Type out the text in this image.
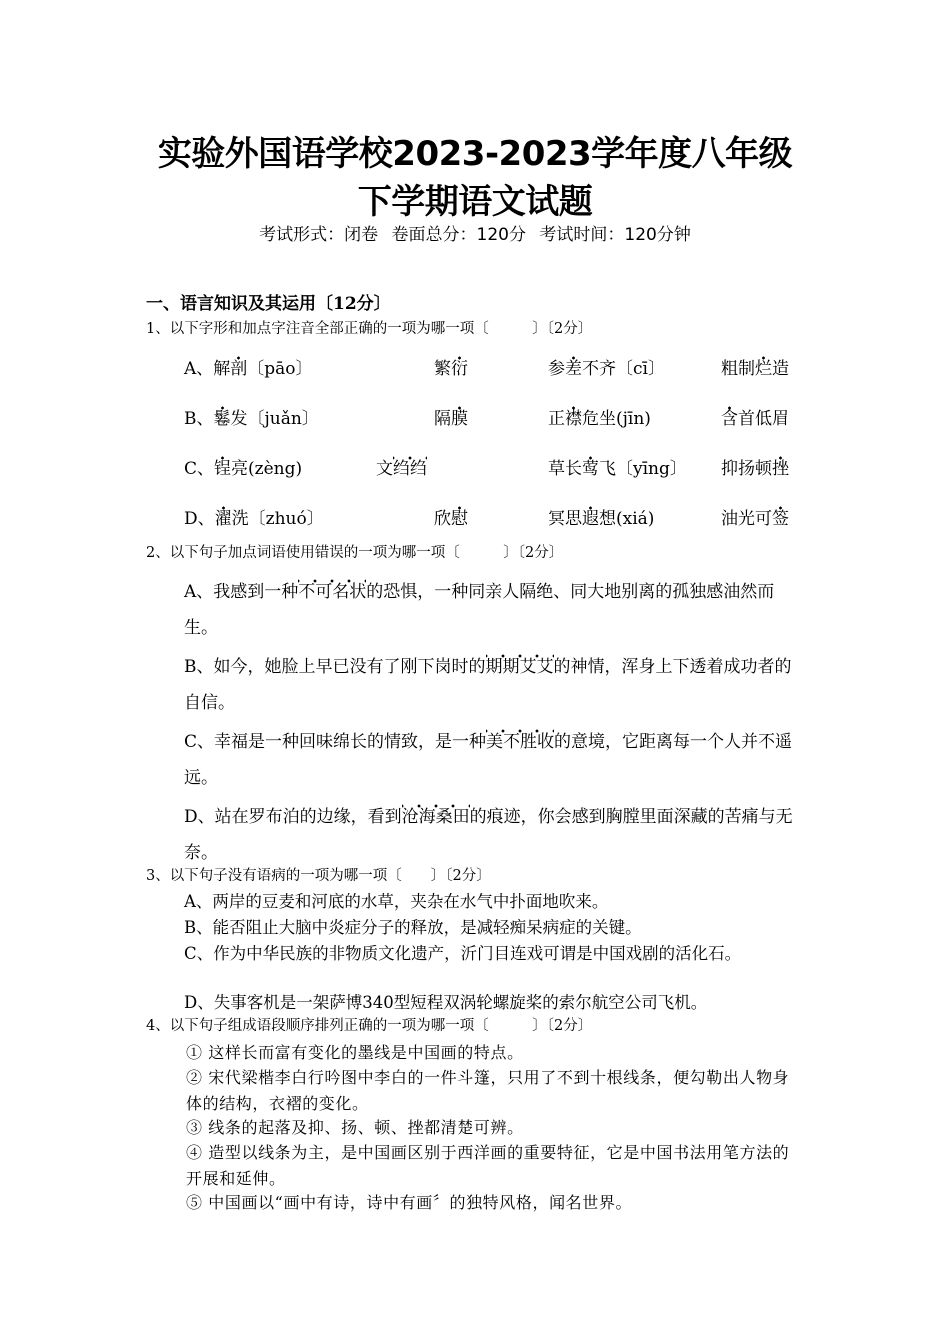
实验外国语学校2023-2023学年度八年级
下学期语文试题
考试形式：闭卷 卷面总分：120分 考试时间：120分钟
一、语言知识及其运用〔12分〕
1、以下字形和加点字注音全部正确的一项为哪一项〔　　　〕〔2分〕
A、解剖〔pāo〕	繁衍	参差不齐〔cī〕	粗制烂造
B、鬈发〔juǎn〕	隔膜	正襟危坐(jīn)	含首低眉
C、锃亮(zèng)	文绉绉	草长莺飞〔yīng〕 抑扬顿挫
D、濯洗〔zhuó〕	欣慰	冥思遐想(xiá)	油光可签
2、以下句子加点词语使用错误的一项为哪一项〔　　　〕〔2分〕
A、我感到一种不可名状的恐惧，一种同亲人隔绝、同大地别离的孤独感油然而生。
B、如今，她脸上早已没有了刚下岗时的期期艾艾的神情，浑身上下透着成功者的自信。
C、幸福是一种回味绵长的情致，是一种美不胜收的意境，它距离每一个人并不遥远。
D、站在罗布泊的边缘，看到沧海桑田的痕迹，你会感到胸膛里面深藏的苦痛与无奈。
3、以下句子没有语病的一项为哪一项〔　　〕〔2分〕
A、两岸的豆麦和河底的水草，夹杂在水气中扑面地吹来。
B、能否阻止大脑中炎症分子的释放，是减轻痴呆病症的关键。
C、作为中华民族的非物质文化遗产，沂门目连戏可谓是中国戏剧的活化石。
D、失事客机是一架萨博340型短程双涡轮螺旋桨的索尔航空公司飞机。
4、以下句子组成语段顺序排列正确的一项为哪一项〔　　　〕〔2分〕
① 这样长而富有变化的墨线是中国画的特点。
② 宋代梁楷李白行吟图中李白的一件斗篷，只用了不到十根线条，便勾勒出人物身体的结构，衣褶的变化。
③ 线条的起落及抑、扬、顿、挫都清楚可辨。
④ 造型以线条为主，是中国画区别于西洋画的重要特征，它是中国书法用笔方法的开展和延伸。
⑤ 中国画以“画中有诗，诗中有画〞的独特风格，闻名世界。
